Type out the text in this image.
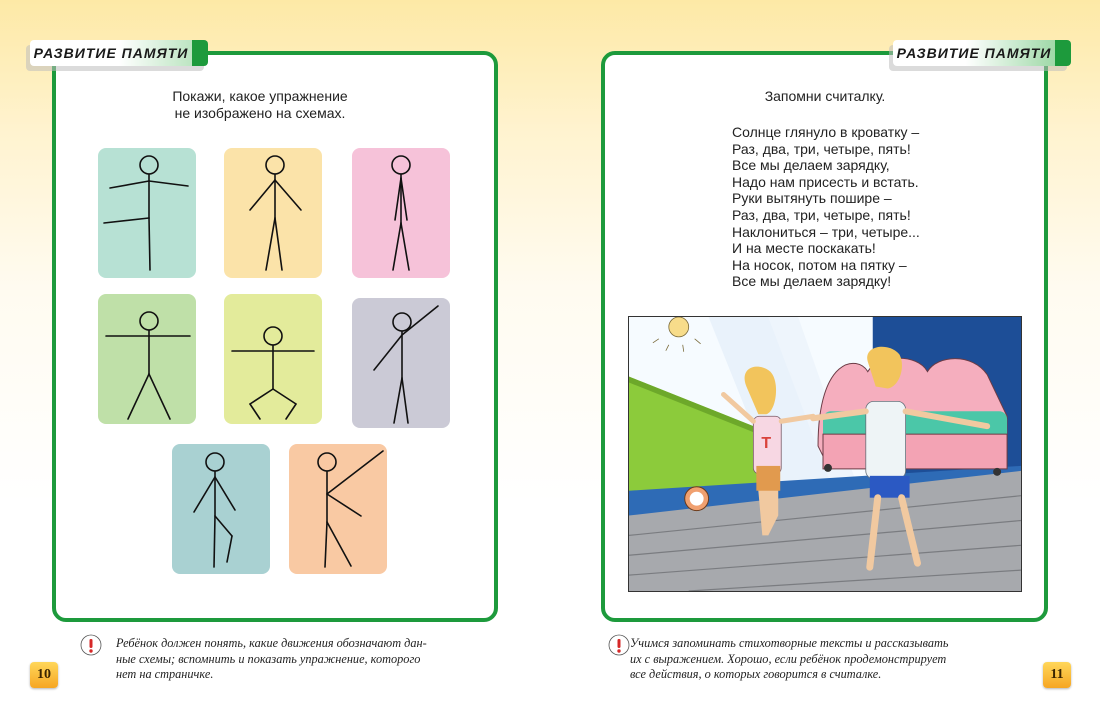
РАЗВИТИЕ ПАМЯТИ
Покажи, какое упражнение
не изображено на схемах.
Ребёнок должен понять, какие движения обозначают дан-
ные схемы; вспомнить и показать упражнение, которого
нет на страничке.
10
РАЗВИТИЕ ПАМЯТИ
Запомни считалку.
Солнце глянуло в кроватку –
Раз, два, три, четыре, пять!
Все мы делаем зарядку,
Надо нам присесть и встать.
Руки вытянуть пошире –
Раз, два, три, четыре, пять!
Наклониться – три, четыре...
И на месте поскакать!
На носок, потом на пятку –
Все мы делаем зарядку!
T
Учимся запоминать стихотворные тексты и рассказывать
их с выражением. Хорошо, если ребёнок продемонстрирует
все действия, о которых говорится в считалке.	11
